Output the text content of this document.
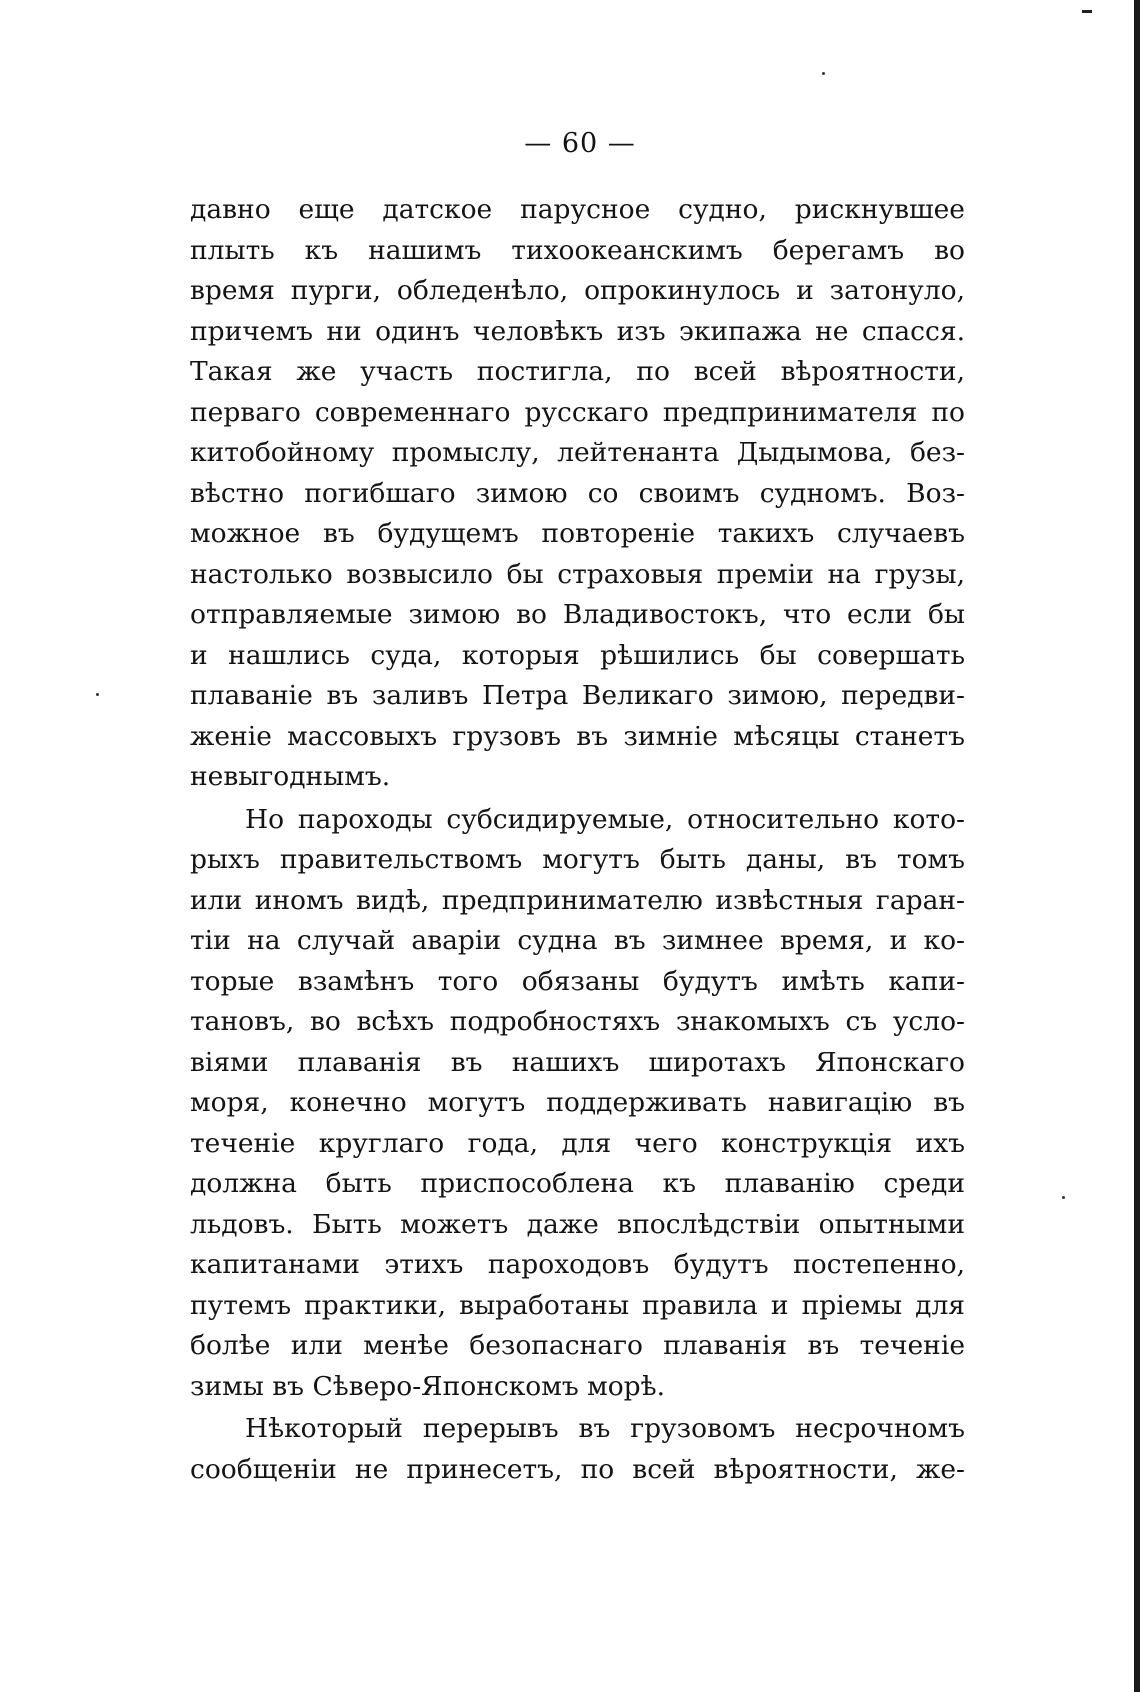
— 60 —
давно еще датское парусное судно, рискнувшее
плыть къ нашимъ тихоокеанскимъ берегамъ во
время пурги, обледенѣло, опрокинулось и затонуло,
причемъ ни одинъ человѣкъ изъ экипажа не спасся.
Такая же участь постигла, по всей вѣроятности,
перваго современнаго русскаго предпринимателя по
китобойному промыслу, лейтенанта Дыдымова, без-
вѣстно погибшаго зимою со своимъ судномъ. Воз-
можное въ будущемъ повтореніе такихъ случаевъ
настолько возвысило бы страховыя преміи на грузы,
отправляемые зимою во Владивостокъ, что если бы
и нашлись суда, которыя рѣшились бы совершать
плаваніе въ заливъ Петра Великаго зимою, передви-
женіе массовыхъ грузовъ въ зимніе мѣсяцы станетъ
невыгоднымъ.
Но пароходы субсидируемые, относительно кото-
рыхъ правительствомъ могутъ быть даны, въ томъ
или иномъ видѣ, предпринимателю извѣстныя гаран-
тіи на случай аваріи судна въ зимнее время, и ко-
торые взамѣнъ того обязаны будутъ имѣть капи-
тановъ, во всѣхъ подробностяхъ знакомыхъ съ усло-
віями плаванія въ нашихъ широтахъ Японскаго
моря, конечно могутъ поддерживать навигацію въ
теченіе круглаго года, для чего конструкція ихъ
должна быть приспособлена къ плаванію среди
льдовъ. Быть можетъ даже впослѣдствіи опытными
капитанами этихъ пароходовъ будутъ постепенно,
путемъ практики, выработаны правила и пріемы для
болѣе или менѣе безопаснаго плаванія въ теченіе
зимы въ Сѣверо-Японскомъ морѣ.
Нѣкоторый перерывъ въ грузовомъ несрочномъ
сообщеніи не принесетъ, по всей вѣроятности, же-
